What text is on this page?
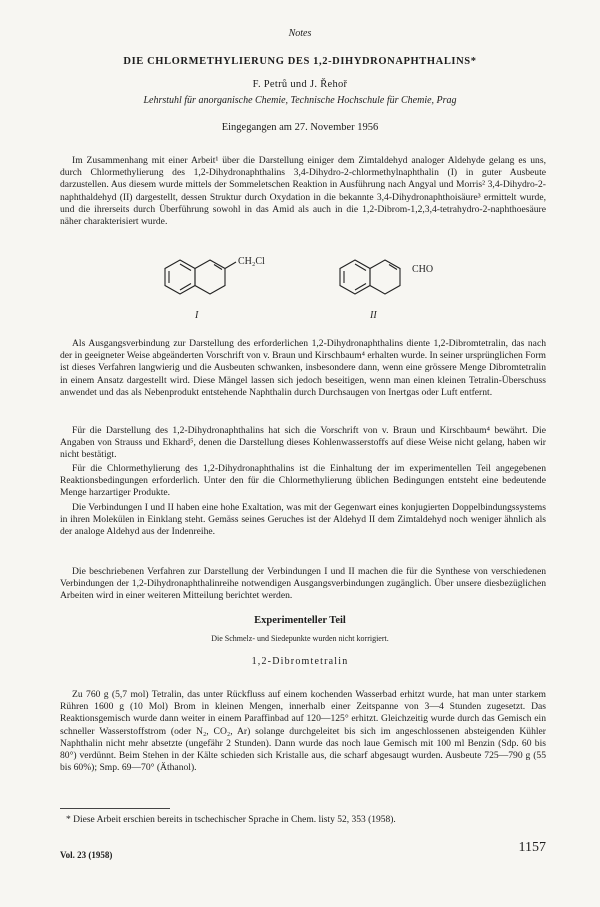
Notes
DIE CHLORMETHYLIERUNG DES 1,2-DIHYDRONAPHTHALINS*
F. Petrů und J. Řehoř
Lehrstuhl für anorganische Chemie, Technische Hochschule für Chemie, Prag
Eingegangen am 27. November 1956

Im Zusammenhang mit einer Arbeit¹ über die Darstellung einiger dem Zimtaldehyd analoger Aldehyde gelang es uns, durch Chlormethylierung des 1,2-Dihydronaphthalins 3,4-Dihydro-2-chlormethylnaphthalin (I) in guter Ausbeute darzustellen. Aus diesem wurde mittels der Sommeletschen Reaktion in Ausführung nach Angyal und Morris² 3,4-Dihydro-2-naphthaldehyd (II) dargestellt, dessen Struktur durch Oxydation in die bekannte 3,4-Dihydronaphthoisäure³ ermittelt wurde, und die ihrerseits durch Überführung sowohl in das Amid als auch in die 1,2-Dibrom-1,2,3,4-tetrahydro-2-naphthoesäure näher charakterisiert wurde.

CH₂Cl
I
CHO
II

Als Ausgangsverbindung zur Darstellung des erforderlichen 1,2-Dihydronaphthalins diente 1,2-Dibromtetralin, das nach der in geeigneter Weise abgeänderten Vorschrift von v. Braun und Kirschbaum⁴ erhalten wurde. In seiner ursprünglichen Form ist dieses Verfahren langwierig und die Ausbeuten schwanken, insbesondere dann, wenn eine grössere Menge Dibromtetralin in einem Ansatz dargestellt wird. Diese Mängel lassen sich jedoch beseitigen, wenn man einen kleinen Tetralin-Überschuss anwendet und das als Nebenprodukt entstehende Naphthalin durch Durchsaugen von Inertgas oder Luft entfernt.

Für die Darstellung des 1,2-Dihydronaphthalins hat sich die Vorschrift von v. Braun und Kirschbaum⁴ bewährt. Die Angaben von Strauss und Ekhard⁵, denen die Darstellung dieses Kohlenwasserstoffs auf diese Weise nicht gelang, haben wir nicht bestätigt.

Für die Chlormethylierung des 1,2-Dihydronaphthalins ist die Einhaltung der im experimentellen Teil angegebenen Reaktionsbedingungen erforderlich. Unter den für die Chlormethylierung üblichen Bedingungen entsteht eine bedeutende Menge harzartiger Produkte.

Die Verbindungen I und II haben eine hohe Exaltation, was mit der Gegenwart eines konjugierten Doppelbindungssystems in ihren Molekülen in Einklang steht. Gemäss seines Geruches ist der Aldehyd II dem Zimtaldehyd noch weniger ähnlich als der analoge Aldehyd aus der Indenreihe.

Die beschriebenen Verfahren zur Darstellung der Verbindungen I und II machen die für die Synthese von verschiedenen Verbindungen der 1,2-Dihydronaphthalinreihe notwendigen Ausgangsverbindungen zugänglich. Über unsere diesbezüglichen Arbeiten wird in einer weiteren Mitteilung berichtet werden.

Experimenteller Teil
Die Schmelz- und Siedepunkte wurden nicht korrigiert.
1,2-Dibromtetralin

Zu 760 g (5,7 mol) Tetralin, das unter Rückfluss auf einem kochenden Wasserbad erhitzt wurde, hat man unter starkem Rühren 1600 g (10 Mol) Brom in kleinen Mengen, innerhalb einer Zeitspanne von 3—4 Stunden zugesetzt. Das Reaktionsgemisch wurde dann weiter in einem Paraffinbad auf 120—125° erhitzt. Gleichzeitig wurde durch das Gemisch ein schneller Wasserstoffstrom (oder N₂, CO₂, Ar) solange durchgeleitet bis sich im angeschlossenen absteigenden Kühler Naphthalin nicht mehr absetzte (ungefähr 2 Stunden). Dann wurde das noch laue Gemisch mit 100 ml Benzin (Sdp. 60 bis 80°) verdünnt. Beim Stehen in der Kälte schieden sich Kristalle aus, die scharf abgesaugt wurden. Ausbeute 725—790 g (55 bis 60%); Smp. 69—70° (Äthanol).

* Diese Arbeit erschien bereits in tschechischer Sprache in Chem. listy 52, 353 (1958).
Vol. 23 (1958)	1157
